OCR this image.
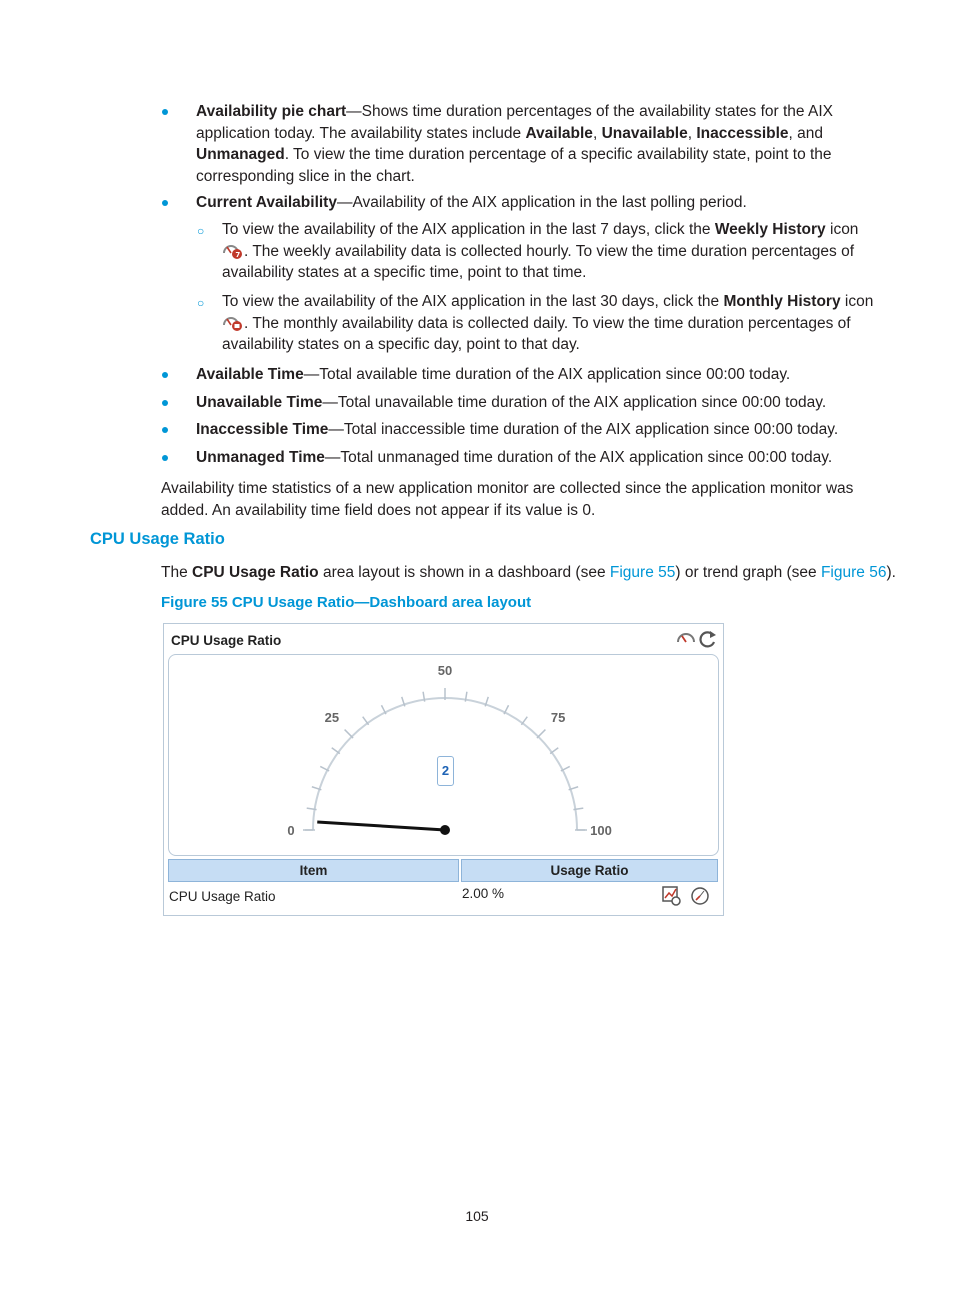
Availability pie chart—Shows time duration percentages of the availability states for the AIX
application today. The availability states include Available, Unavailable, Inaccessible, and
Unmanaged. To view the time duration percentage of a specific availability state, point to the
corresponding slice in the chart.
Current Availability—Availability of the AIX application in the last polling period.
○ To view the availability of the AIX application in the last 7 days, click the Weekly History icon
7 . The weekly availability data is collected hourly. To view the time duration percentages of
availability states at a specific time, point to that time.
○ To view the availability of the AIX application in the last 30 days, click the Monthly History icon
. The monthly availability data is collected daily. To view the time duration percentages of
availability states on a specific day, point to that day.
Available Time—Total available time duration of the AIX application since 00:00 today.
Unavailable Time—Total unavailable time duration of the AIX application since 00:00 today.
Inaccessible Time—Total inaccessible time duration of the AIX application since 00:00 today.
Unmanaged Time—Total unmanaged time duration of the AIX application since 00:00 today.
Availability time statistics of a new application monitor are collected since the application monitor was
added. An availability time field does not appear if its value is 0.
CPU Usage Ratio
The CPU Usage Ratio area layout is shown in a dashboard (see Figure 55) or trend graph (see Figure 56).
Figure 55 CPU Usage Ratio—Dashboard area layout
CPU Usage Ratio
0
25
50
75
100
2
Item	Usage Ratio
CPU Usage Ratio	2.00 %
105
